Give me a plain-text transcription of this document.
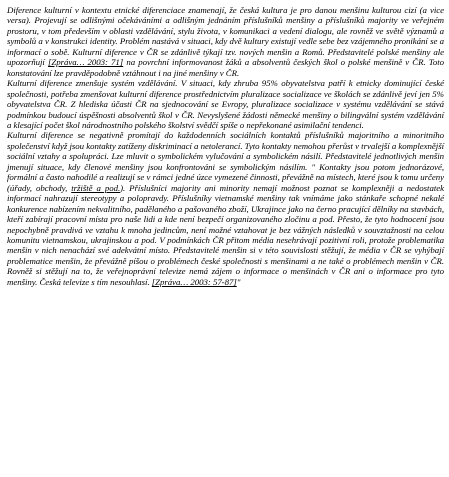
Diference kulturní v kontextu etnické diferenciace znamenají, že česká kultura je pro danou menšinu kulturou cizí (a vice versa). Projevují se odlišnými očekáváními a odlišným jednáním příslušníků menšiny a příslušníků majority ve veřejném prostoru, v tom především v oblasti vzdělávání, stylu života, v komunikaci a vedení dialogu, ale rovněž ve světě významů a symbolů a v konstrukci identity. Problém nastává v situaci, kdy dvě kultury existují vedle sebe bez vzájemného pronikání se a informací o sobě. Kulturní diference v ČR se zdánlivě týkají tzv. nových menšin a Romů. Představitelé polské menšiny ale upozorňují [Zpráva… 2003: 71] na povrchní informovanost žáků a absolventů českých škol o polské menšině v ČR. Toto konstatování lze pravděpodobně vztáhnout i na jiné menšiny v ČR.

Kulturní diference zmenšuje systém vzdělávání. V situaci, kdy zhruba 95% obyvatelstva patří k etnicky dominující české společnosti, potřeba zmenšovat kulturní diference prostřednictvím pluralizace socializace ve školách se zdánlivě jeví jen 5% obyvatelstva ČR. Z hlediska účasti ČR na sjednocování se Evropy, pluralizace socializace v systému vzdělávání se stává podmínkou budoucí úspěšnosti absolventů škol v ČR. Nevyslyšené žádosti německé menšiny o bilingvální systém vzdělávání a klesající počet škol národnostního polského školství svědčí spíše o nepřekonané asimilační tendenci.

Kulturní diference se negativně promítají do každodenních sociálních kontaktů příslušníků majoritního a minoritního společenství když jsou kontakty zatíženy diskriminací a netolerancí. Tyto kontakty nemohou přerůst v trvalejší a komplexnější sociální vztahy a spolupráci. Lze mluvit o symbolickém vylučování a symbolickém násilí. Představitelé jednotlivých menšin jmenují situace, kdy členové menšiny jsou konfrontováni se symbolickým násilím. " Kontakty jsou potom jednorázové, formální a často nahodilé a realizují se v rámci jedné úzce vymezené činnosti, převážně na místech, které jsou k tomu určeny (úřady, obchody, tržiště a pod.). Příslušníci majority ani minority nemají možnost poznat se komplexněji a nedostatek informací nahrazují stereotypy a polopravdy. Příslušníky vietnamské menšiny tak vnímáme jako stánkaře schopné nekalé konkurence nabízením nekvalitního, padělaného a pašovaného zboží, Ukrajince jako na černo pracující dělníky na stavbách, kteří zabírají pracovní místa pro naše lidi a kde není bezpečí organizovaného zločinu a pod. Přesto, že tyto hodnocení jsou nepochybně pravdivá ve vztahu k mnoha jedincům, není možné vztahovat je bez vážných následků v souvztažnosti na celou komunitu vietnamskou, ukrajinskou a pod. V podmínkách ČR přitom média nesehrávají pozitivní roli, protože problematika menšin v nich nenachází své adekvátní místo. Představitelé menšin si v této souvislosti stěžují, že média v ČR se vyhýbají problematice menšin, že převážně píšou o problémech české společnosti s menšinami a ne také o problémech menšin v ČR. Rovněž si stěžují na to, že veřejnoprávní televize nemá zájem o informace o menšinách v ČR ani o informace pro tyto menšiny. Česká televize s tím nesouhlasí. [Zpráva… 2003: 57-87]"
